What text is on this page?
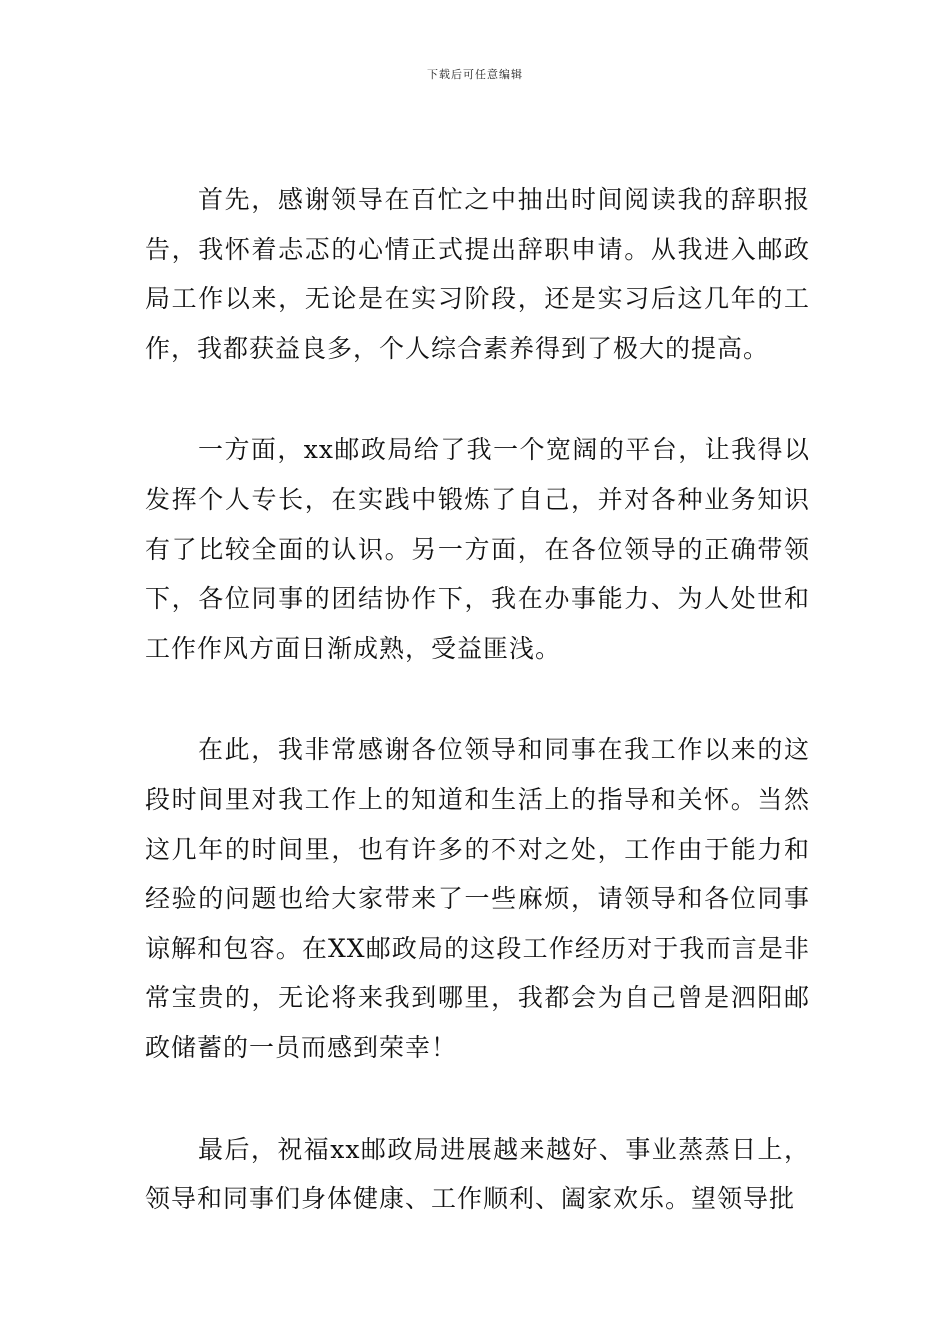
下载后可任意编辑

首先，感谢领导在百忙之中抽出时间阅读我的辞职报告，我怀着忐忑的心情正式提出辞职申请。从我进入邮政局工作以来，无论是在实习阶段，还是实习后这几年的工作，我都获益良多，个人综合素养得到了极大的提高。

一方面，xx邮政局给了我一个宽阔的平台，让我得以发挥个人专长，在实践中锻炼了自己，并对各种业务知识有了比较全面的认识。另一方面，在各位领导的正确带领下，各位同事的团结协作下，我在办事能力、为人处世和工作作风方面日渐成熟，受益匪浅。

在此，我非常感谢各位领导和同事在我工作以来的这段时间里对我工作上的知道和生活上的指导和关怀。当然这几年的时间里，也有许多的不对之处，工作由于能力和经验的问题也给大家带来了一些麻烦，请领导和各位同事谅解和包容。在XX邮政局的这段工作经历对于我而言是非常宝贵的，无论将来我到哪里，我都会为自己曾是泗阳邮政储蓄的一员而感到荣幸！

最后，祝福xx邮政局进展越来越好、事业蒸蒸日上，领导和同事们身体健康、工作顺利、阖家欢乐。望领导批
